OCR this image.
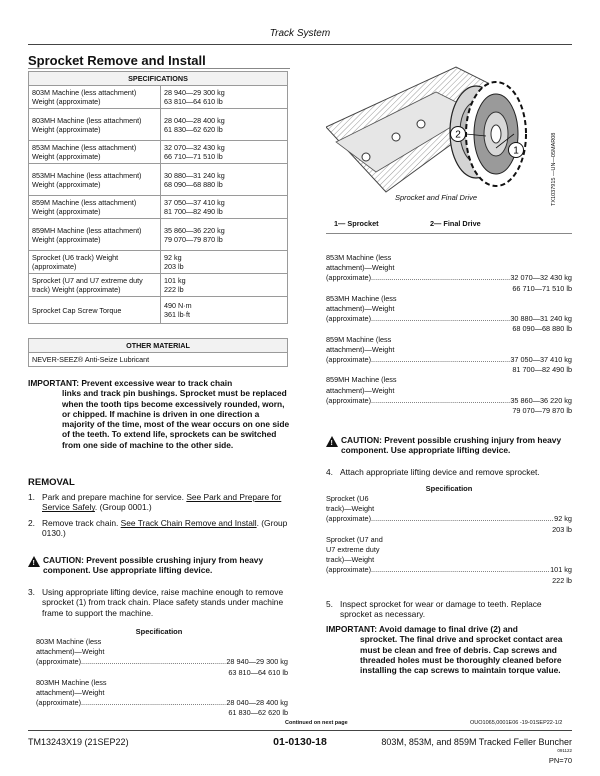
Track System
Sprocket Remove and Install
SPECIFICATIONS	
803M Machine (less attachment) Weight (approximate)	28 940—29 300 kg
63 810—64 610 lb
803MH Machine (less attachment) Weight (approximate)	28 040—28 400 kg
61 830—62 620 lb
853M Machine (less attachment) Weight (approximate)	32 070—32 430 kg
66 710—71 510 lb
853MH Machine (less attachment) Weight (approximate)	30 880—31 240 kg
68 090—68 880 lb
859M Machine (less attachment) Weight (approximate)	37 050—37 410 kg
81 700—82 490 lb
859MH Machine (less attachment) Weight (approximate)	35 860—36 220 kg
79 070—79 870 lb
Sprocket (U6 track) Weight (approximate)	92 kg
203 lb
Sprocket (U7 and U7 extreme duty track) Weight (approximate)	101 kg
222 lb
Sprocket Cap Screw Torque	490 N·m
361 lb·ft
OTHER MATERIAL
NEVER-SEEZ® Anti-Seize Lubricant
IMPORTANT: Prevent excessive wear to track chain
links and track pin bushings. Sprocket must be replaced when the tooth tips become excessively rounded, worn, or chipped. If machine is driven in one direction a majority of the time, most of the wear occurs on one side of the teeth. To extend life, sprockets can be switched from one side of machine to the other side.
REMOVAL
1. Park and prepare machine for service. See Park and Prepare for Service Safely. (Group 0001.)
2. Remove track chain. See Track Chain Remove and Install. (Group 0130.)
! CAUTION: Prevent possible crushing injury from heavy component. Use appropriate lifting device.
3. Using appropriate lifting device, raise machine enough to remove sprocket (1) from track chain. Place safety stands under machine frame to support the machine.
Specification
803M Machine (less
attachment)—Weight
(approximate) .....	28 940—29 300 kg
63 810—64 610 lb
803MH Machine (less
attachment)—Weight
(approximate) .....	28 040—28 400 kg
61 830—62 620 lb
Continued on next page
2
1
Sprocket and Final Drive	TX1037915 —UN—05MAR08
1— Sprocket	2— Final Drive
853M Machine (less
attachment)—Weight
(approximate) .....	32 070—32 430 kg
66 710—71 510 lb
853MH Machine (less
attachment)—Weight
(approximate) .....	30 880—31 240 kg
68 090—68 880 lb
859M Machine (less
attachment)—Weight
(approximate) .....	37 050—37 410 kg
81 700—82 490 lb
859MH Machine (less
attachment)—Weight
(approximate) .....	35 860—36 220 kg
79 070—79 870 lb
! CAUTION: Prevent possible crushing injury from heavy component. Use appropriate lifting device.
4. Attach appropriate lifting device and remove sprocket.
Specification
Sprocket (U6
track)—Weight
(approximate) .....	92 kg
203 lb
Sprocket (U7 and
U7 extreme duty
track)—Weight
(approximate) .....	101 kg
222 lb
5. Inspect sprocket for wear or damage to teeth. Replace sprocket as necessary.
IMPORTANT: Avoid damage to final drive (2) and
sprocket. The final drive and sprocket contact area must be clean and free of debris. Cap screws and threaded holes must be thoroughly cleaned before installing the cap screws to maintain torque value.
OUO1065,0001E06 -19-01SEP22-1/2
TM13243X19 (21SEP22)	01-0130-18	803M, 853M, and 859M Tracked Feller Buncher
091122
PN=70
